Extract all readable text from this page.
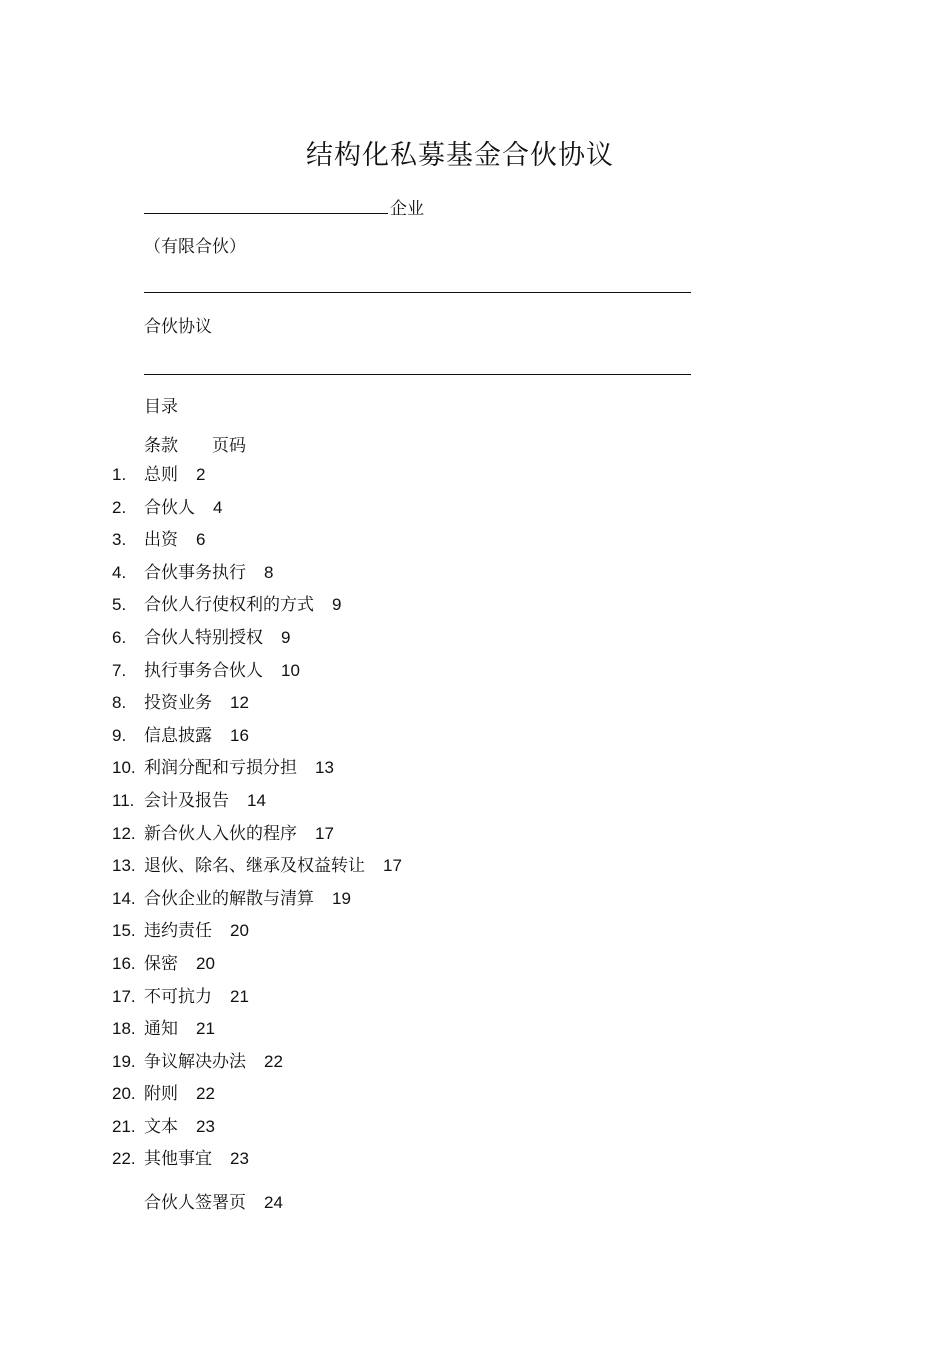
结构化私募基金合伙协议
企业
（有限合伙）
合伙协议
目录
条款 页码
1. 总则 2
2. 合伙人 4
3. 出资 6
4. 合伙事务执行 8
5. 合伙人行使权利的方式 9
6. 合伙人特别授权 9
7. 执行事务合伙人 10
8. 投资业务 12
9. 信息披露 16
10. 利润分配和亏损分担 13
11. 会计及报告 14
12. 新合伙人入伙的程序 17
13. 退伙、除名、继承及权益转让 17
14. 合伙企业的解散与清算 19
15. 违约责任 20
16. 保密 20
17. 不可抗力 21
18. 通知 21
19. 争议解决办法 22
20. 附则 22
21. 文本 23
22. 其他事宜 23
合伙人签署页 24
